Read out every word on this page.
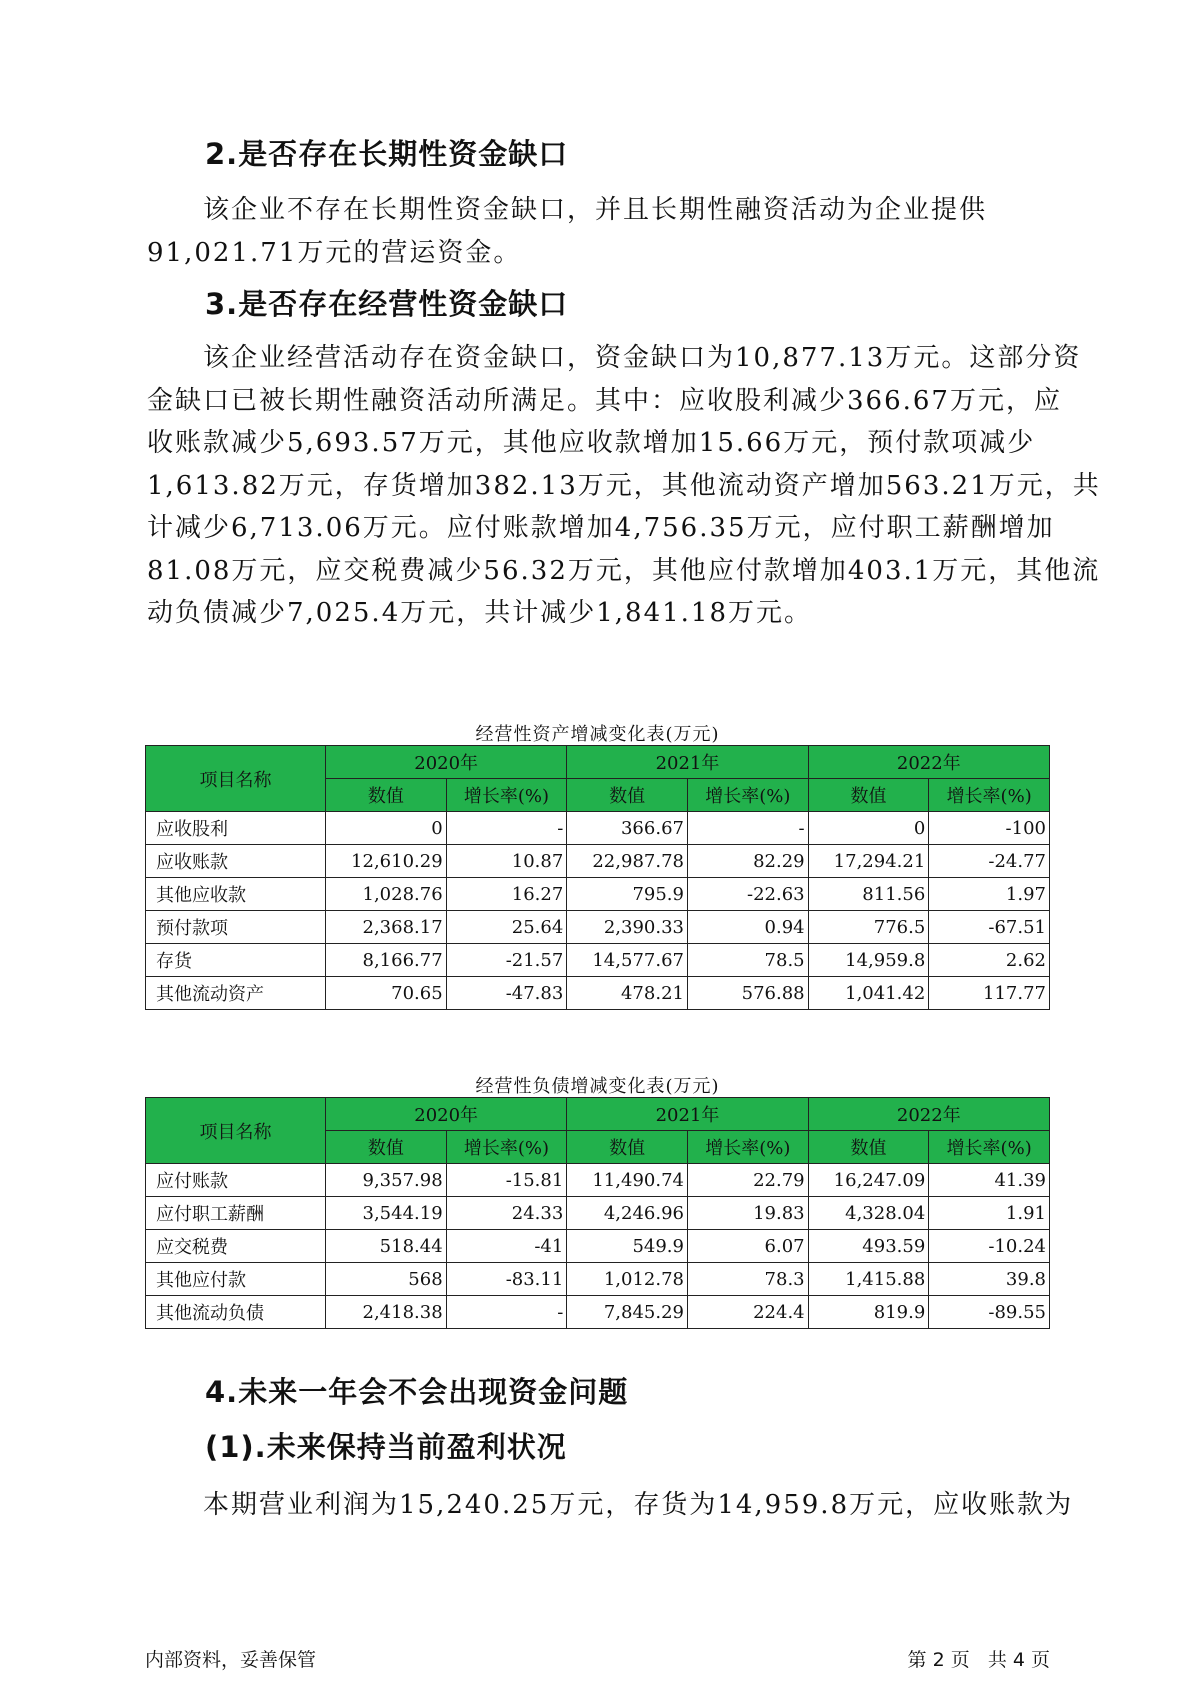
2.是否存在长期性资金缺口

该企业不存在长期性资金缺口，并且长期性融资活动为企业提供
91,021.71万元的营运资金。

3.是否存在经营性资金缺口

该企业经营活动存在资金缺口，资金缺口为10,877.13万元。这部分资
金缺口已被长期性融资活动所满足。其中：应收股利减少366.67万元，应
收账款减少5,693.57万元，其他应收款增加15.66万元，预付款项减少
1,613.82万元，存货增加382.13万元，其他流动资产增加563.21万元，共
计减少6,713.06万元。应付账款增加4,756.35万元，应付职工薪酬增加
81.08万元，应交税费减少56.32万元，其他应付款增加403.1万元，其他流
动负债减少7,025.4万元，共计减少1,841.18万元。

经营性资产增减变化表(万元)
项目名称	2020年		2021年		2022年	
	数值	增长率(%)	数值	增长率(%)	数值	增长率(%)
应收股利	0	-	366.67	-	0	-100
应收账款	12,610.29	10.87	22,987.78	82.29	17,294.21	-24.77
其他应收款	1,028.76	16.27	795.9	-22.63	811.56	1.97
预付款项	2,368.17	25.64	2,390.33	0.94	776.5	-67.51
存货	8,166.77	-21.57	14,577.67	78.5	14,959.8	2.62
其他流动资产	70.65	-47.83	478.21	576.88	1,041.42	117.77
经营性负债增减变化表(万元)
项目名称	2020年		2021年		2022年	
	数值	增长率(%)	数值	增长率(%)	数值	增长率(%)
应付账款	9,357.98	-15.81	11,490.74	22.79	16,247.09	41.39
应付职工薪酬	3,544.19	24.33	4,246.96	19.83	4,328.04	1.91
应交税费	518.44	-41	549.9	6.07	493.59	-10.24
其他应付款	568	-83.11	1,012.78	78.3	1,415.88	39.8
其他流动负债	2,418.38	-	7,845.29	224.4	819.9	-89.55
4.未来一年会不会出现资金问题
(1).未来保持当前盈利状况

本期营业利润为15,240.25万元，存货为14,959.8万元，应收账款为

内部资料，妥善保管	第 2 页   共 4 页
